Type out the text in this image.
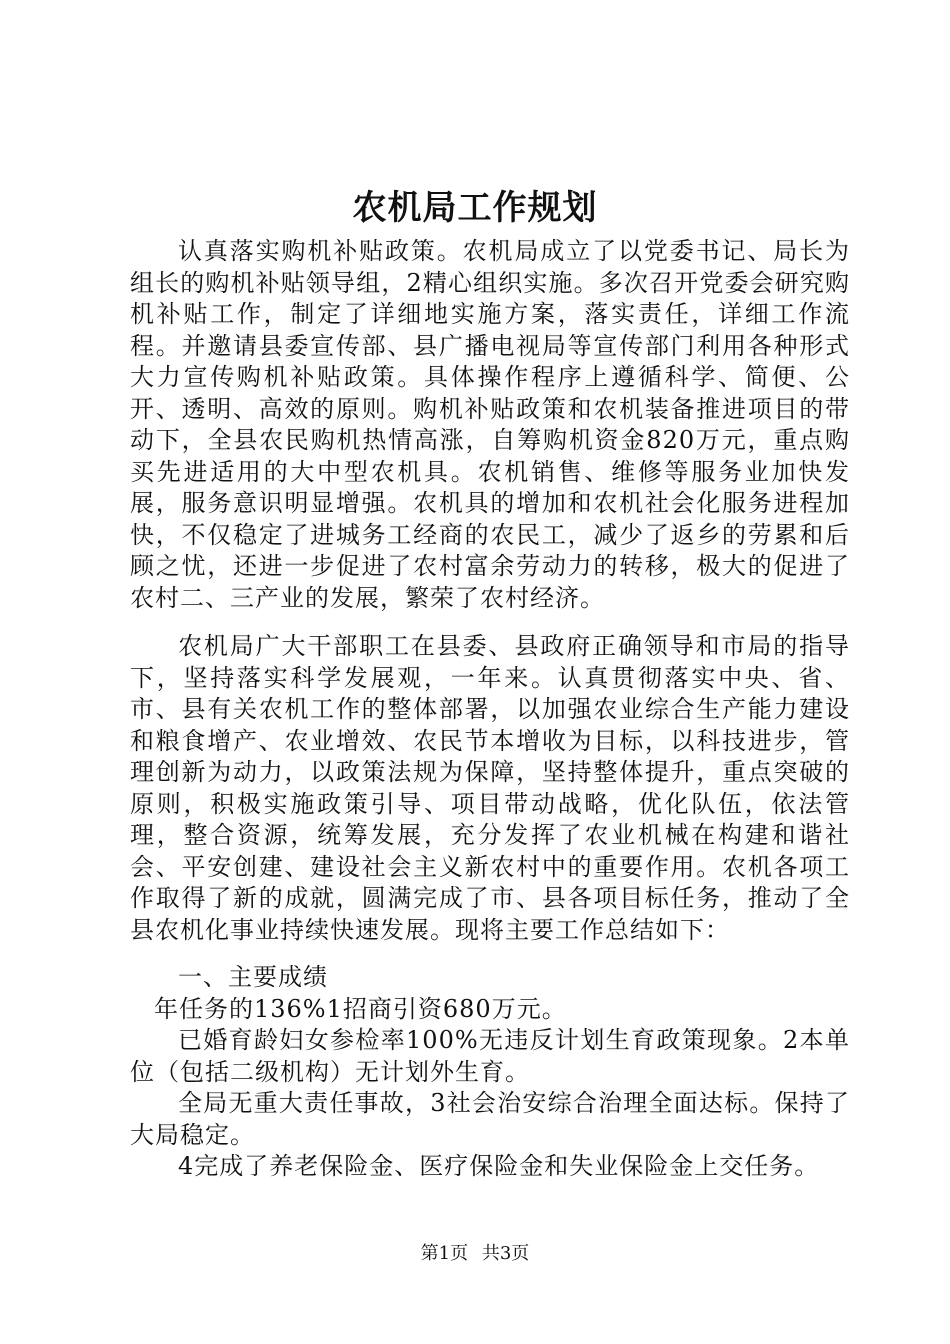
农机局工作规划

认真落实购机补贴政策。农机局成立了以党委书记、局长为组长的购机补贴领导组，2精心组织实施。多次召开党委会研究购机补贴工作，制定了详细地实施方案，落实责任，详细工作流程。并邀请县委宣传部、县广播电视局等宣传部门利用各种形式大力宣传购机补贴政策。具体操作程序上遵循科学、简便、公开、透明、高效的原则。购机补贴政策和农机装备推进项目的带动下，全县农民购机热情高涨，自筹购机资金820万元，重点购买先进适用的大中型农机具。农机销售、维修等服务业加快发展，服务意识明显增强。农机具的增加和农机社会化服务进程加快，不仅稳定了进城务工经商的农民工，减少了返乡的劳累和后顾之忧，还进一步促进了农村富余劳动力的转移，极大的促进了农村二、三产业的发展，繁荣了农村经济。

农机局广大干部职工在县委、县政府正确领导和市局的指导下，坚持落实科学发展观，一年来。认真贯彻落实中央、省、市、县有关农机工作的整体部署，以加强农业综合生产能力建设和粮食增产、农业增效、农民节本增收为目标，以科技进步，管理创新为动力，以政策法规为保障，坚持整体提升，重点突破的原则，积极实施政策引导、项目带动战略，优化队伍，依法管理，整合资源，统筹发展，充分发挥了农业机械在构建和谐社会、平安创建、建设社会主义新农村中的重要作用。农机各项工作取得了新的成就，圆满完成了市、县各项目标任务，推动了全县农机化事业持续快速发展。现将主要工作总结如下：

一、主要成绩

年任务的136%1招商引资680万元。

已婚育龄妇女参检率100%无违反计划生育政策现象。2本单位（包括二级机构）无计划外生育。

全局无重大责任事故，3社会治安综合治理全面达标。保持了大局稳定。

4完成了养老保险金、医疗保险金和失业保险金上交任务。

第1页 共3页
